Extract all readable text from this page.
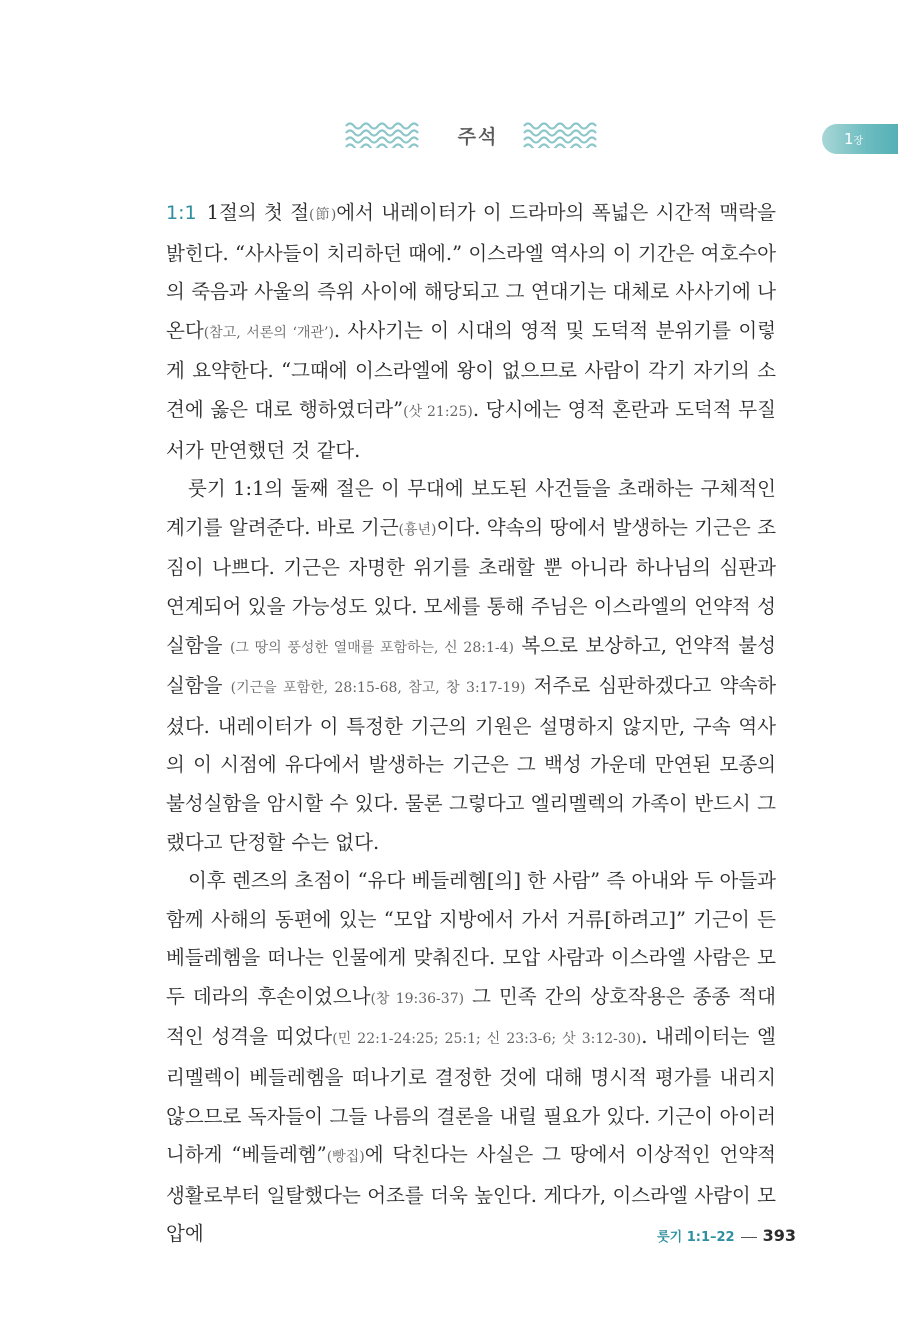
주석	1장

1:1 1절의 첫 절(節)에서 내레이터가 이 드라마의 폭넓은 시간적 맥락을 밝힌다. “사사들이 치리하던 때에.” 이스라엘 역사의 이 기간은 여호수아의 죽음과 사울의 즉위 사이에 해당되고 그 연대기는 대체로 사사기에 나온다(참고, 서론의 ‘개관’). 사사기는 이 시대의 영적 및 도덕적 분위기를 이렇게 요약한다. “그때에 이스라엘에 왕이 없으므로 사람이 각기 자기의 소견에 옳은 대로 행하였더라”(삿 21:25). 당시에는 영적 혼란과 도덕적 무질서가 만연했던 것 같다.

룻기 1:1의 둘째 절은 이 무대에 보도된 사건들을 초래하는 구체적인 계기를 알려준다. 바로 기근(흉년)이다. 약속의 땅에서 발생하는 기근은 조짐이 나쁘다. 기근은 자명한 위기를 초래할 뿐 아니라 하나님의 심판과 연계되어 있을 가능성도 있다. 모세를 통해 주님은 이스라엘의 언약적 성실함을 (그 땅의 풍성한 열매를 포함하는, 신 28:1-4) 복으로 보상하고, 언약적 불성실함을 (기근을 포함한, 28:15-68, 참고, 창 3:17-19) 저주로 심판하겠다고 약속하셨다. 내레이터가 이 특정한 기근의 기원은 설명하지 않지만, 구속 역사의 이 시점에 유다에서 발생하는 기근은 그 백성 가운데 만연된 모종의 불성실함을 암시할 수 있다. 물론 그렇다고 엘리멜렉의 가족이 반드시 그랬다고 단정할 수는 없다.

이후 렌즈의 초점이 “유다 베들레헴[의] 한 사람” 즉 아내와 두 아들과 함께 사해의 동편에 있는 “모압 지방에서 가서 거류[하려고]” 기근이 든 베들레헴을 떠나는 인물에게 맞춰진다. 모압 사람과 이스라엘 사람은 모두 데라의 후손이었으나(창 19:36-37) 그 민족 간의 상호작용은 종종 적대적인 성격을 띠었다(민 22:1-24:25; 25:1; 신 23:3-6; 삿 3:12-30). 내레이터는 엘리멜렉이 베들레헴을 떠나기로 결정한 것에 대해 명시적 평가를 내리지 않으므로 독자들이 그들 나름의 결론을 내릴 필요가 있다. 기근이 아이러니하게 “베들레헴”(빵집)에 닥친다는 사실은 그 땅에서 이상적인 언약적 생활로부터 일탈했다는 어조를 더욱 높인다. 게다가, 이스라엘 사람이 모압에	룻기 1:1–22 393
